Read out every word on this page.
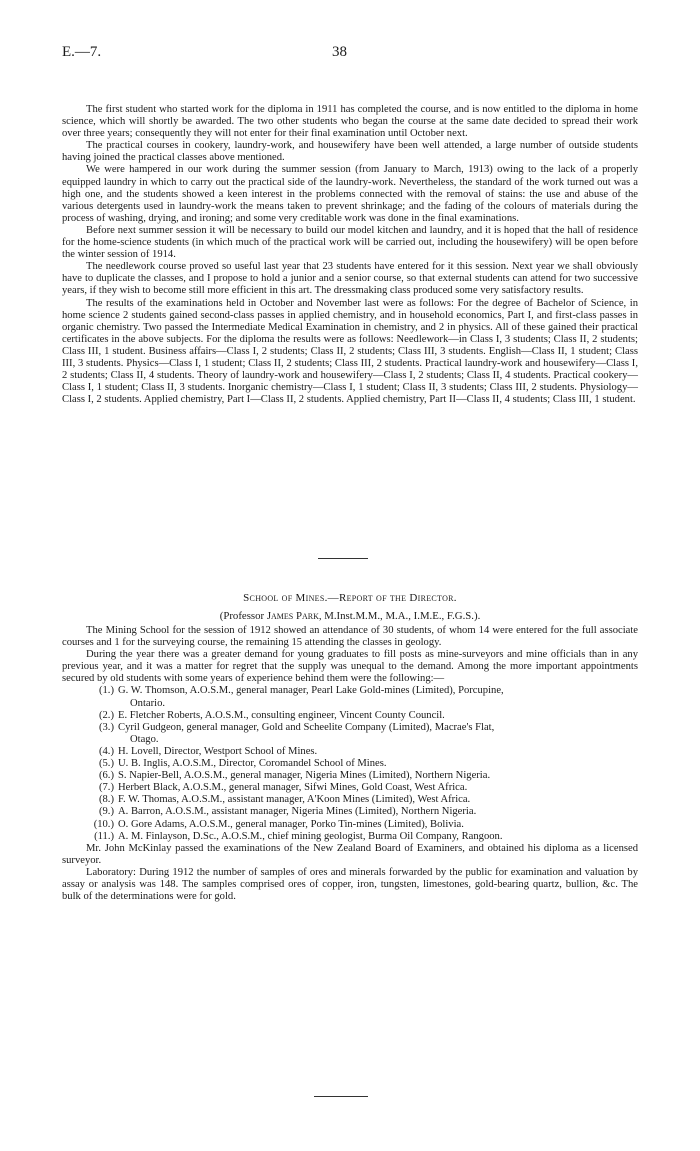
E.—7.	38

The first student who started work for the diploma in 1911 has completed the course, and is now entitled to the diploma in home science, which will shortly be awarded. The two other students who began the course at the same date decided to spread their work over three years; consequently they will not enter for their final examination until October next.

The practical courses in cookery, laundry-work, and housewifery have been well attended, a large number of outside students having joined the practical classes above mentioned.

We were hampered in our work during the summer session (from January to March, 1913) owing to the lack of a properly equipped laundry in which to carry out the practical side of the laundry-work. Nevertheless, the standard of the work turned out was a high one, and the students showed a keen interest in the problems connected with the removal of stains: the use and abuse of the various detergents used in laundry-work the means taken to prevent shrinkage; and the fading of the colours of materials during the process of washing, drying, and ironing; and some very creditable work was done in the final examinations.

Before next summer session it will be necessary to build our model kitchen and laundry, and it is hoped that the hall of residence for the home-science students (in which much of the practical work will be carried out, including the housewifery) will be open before the winter session of 1914.

The needlework course proved so useful last year that 23 students have entered for it this session. Next year we shall obviously have to duplicate the classes, and I propose to hold a junior and a senior course, so that external students can attend for two successive years, if they wish to become still more efficient in this art. The dressmaking class produced some very satisfactory results.

The results of the examinations held in October and November last were as follows: For the degree of Bachelor of Science, in home science 2 students gained second-class passes in applied chemistry, and in household economics, Part I, and first-class passes in organic chemistry. Two passed the Intermediate Medical Examination in chemistry, and 2 in physics. All of these gained their practical certificates in the above subjects. For the diploma the results were as follows: Needlework—in Class I, 3 students; Class II, 2 students; Class III, 1 student. Business affairs—Class I, 2 students; Class II, 2 students; Class III, 3 students. English—Class II, 1 student; Class III, 3 students. Physics—Class I, 1 student; Class II, 2 students; Class III, 2 students. Practical laundry-work and housewifery—Class I, 2 students; Class II, 4 students. Theory of laundry-work and housewifery—Class I, 2 students; Class II, 4 students. Practical cookery—Class I, 1 student; Class II, 3 students. Inorganic chemistry—Class I, 1 student; Class II, 3 students; Class III, 2 students. Physiology—Class I, 2 students. Applied chemistry, Part I—Class II, 2 students. Applied chemistry, Part II—Class II, 4 students; Class III, 1 student.

School of Mines.—Report of the Director.
(Professor James Park, M.Inst.M.M., M.A., I.M.E., F.G.S.).

The Mining School for the session of 1912 showed an attendance of 30 students, of whom 14 were entered for the full associate courses and 1 for the surveying course, the remaining 15 attending the classes in geology.

During the year there was a greater demand for young graduates to fill posts as mine-surveyors and mine officials than in any previous year, and it was a matter for regret that the supply was unequal to the demand. Among the more important appointments secured by old students with some years of experience behind them were the following:—

(1.) G. W. Thomson, A.O.S.M., general manager, Pearl Lake Gold-mines (Limited), Porcupine,
Ontario.
(2.) E. Fletcher Roberts, A.O.S.M., consulting engineer, Vincent County Council.
(3.) Cyril Gudgeon, general manager, Gold and Scheelite Company (Limited), Macrae's Flat,
Otago.
(4.) H. Lovell, Director, Westport School of Mines.
(5.) U. B. Inglis, A.O.S.M., Director, Coromandel School of Mines.
(6.) S. Napier-Bell, A.O.S.M., general manager, Nigeria Mines (Limited), Northern Nigeria.
(7.) Herbert Black, A.O.S.M., general manager, Sifwi Mines, Gold Coast, West Africa.
(8.) F. W. Thomas, A.O.S.M., assistant manager, A'Koon Mines (Limited), West Africa.
(9.) A. Barron, A.O.S.M., assistant manager, Nigeria Mines (Limited), Northern Nigeria.
(10.) O. Gore Adams, A.O.S.M., general manager, Porko Tin-mines (Limited), Bolivia.
(11.) A. M. Finlayson, D.Sc., A.O.S.M., chief mining geologist, Burma Oil Company, Rangoon.

Mr. John McKinlay passed the examinations of the New Zealand Board of Examiners, and obtained his diploma as a licensed surveyor.

Laboratory: During 1912 the number of samples of ores and minerals forwarded by the public for examination and valuation by assay or analysis was 148. The samples comprised ores of copper, iron, tungsten, limestones, gold-bearing quartz, bullion, &c. The bulk of the determinations were for gold.
